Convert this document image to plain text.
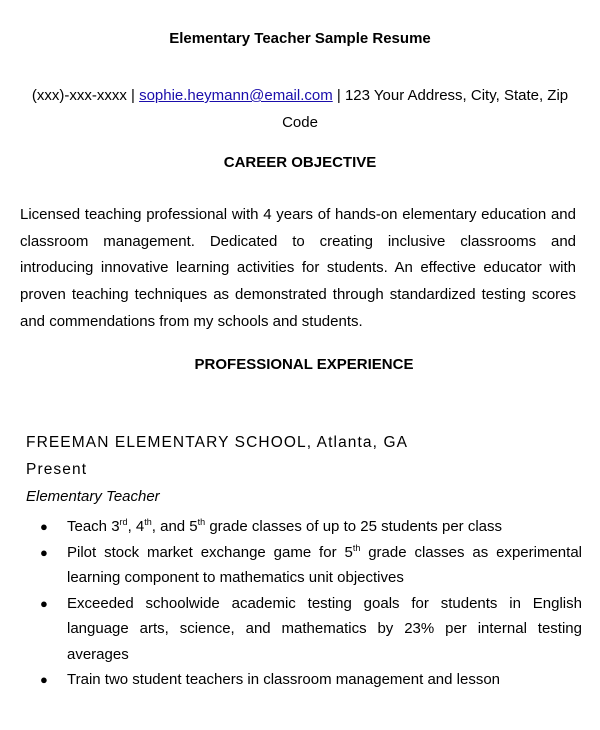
Elementary Teacher Sample Resume
(xxx)-xxx-xxxx | sophie.heymann@email.com | 123 Your Address, City, State, Zip Code
CAREER OBJECTIVE
Licensed teaching professional with 4 years of hands-on elementary education and classroom management. Dedicated to creating inclusive classrooms and introducing innovative learning activities for students. An effective educator with proven teaching techniques as demonstrated through standardized testing scores and commendations from my schools and students.
PROFESSIONAL EXPERIENCE
FREEMAN ELEMENTARY SCHOOL, Atlanta, GA
Present
Elementary Teacher
● Teach 3rd, 4th, and 5th grade classes of up to 25 students per class
● Pilot stock market exchange game for 5th grade classes as experimental learning component to mathematics unit objectives
● Exceeded schoolwide academic testing goals for students in English language arts, science, and mathematics by 23% per internal testing averages
● Train two student teachers in classroom management and lesson
